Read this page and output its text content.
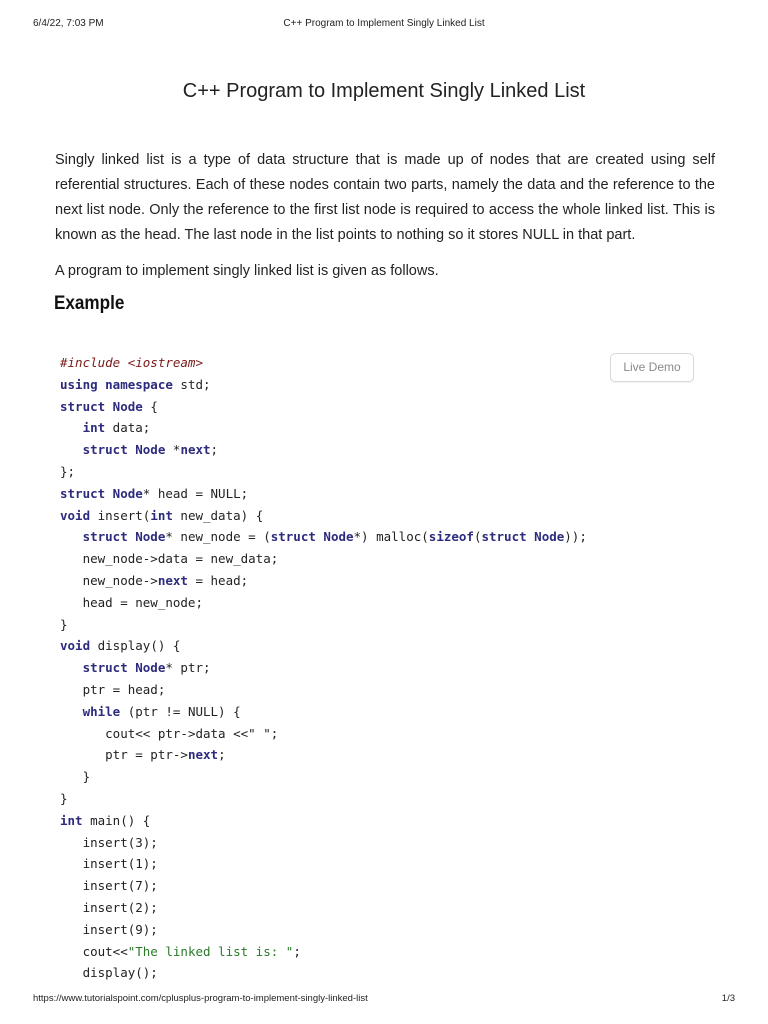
6/4/22, 7:03 PM	C++ Program to Implement Singly Linked List
C++ Program to Implement Singly Linked List

Singly linked list is a type of data structure that is made up of nodes that are created using self referential structures. Each of these nodes contain two parts, namely the data and the reference to the next list node. Only the reference to the first list node is required to access the whole linked list. This is known as the head. The last node in the list points to nothing so it stores NULL in that part.

A program to implement singly linked list is given as follows.

Example
Live Demo
#include <iostream>
using namespace std;
struct Node {
int data;
struct Node *next;
};
struct Node* head = NULL;
void insert(int new_data) {
struct Node* new_node = (struct Node*) malloc(sizeof(struct Node));
new_node->data = new_data;
new_node->next = head;
head = new_node;
}
void display() {
struct Node* ptr;
ptr = head;
while (ptr != NULL) {
cout<< ptr->data <<" ";
ptr = ptr->next;
}
}
int main() {
insert(3);
insert(1);
insert(7);
insert(2);
insert(9);
cout<<"The linked list is: ";
display();
https://www.tutorialspoint.com/cplusplus-program-to-implement-singly-linked-list	1/3
